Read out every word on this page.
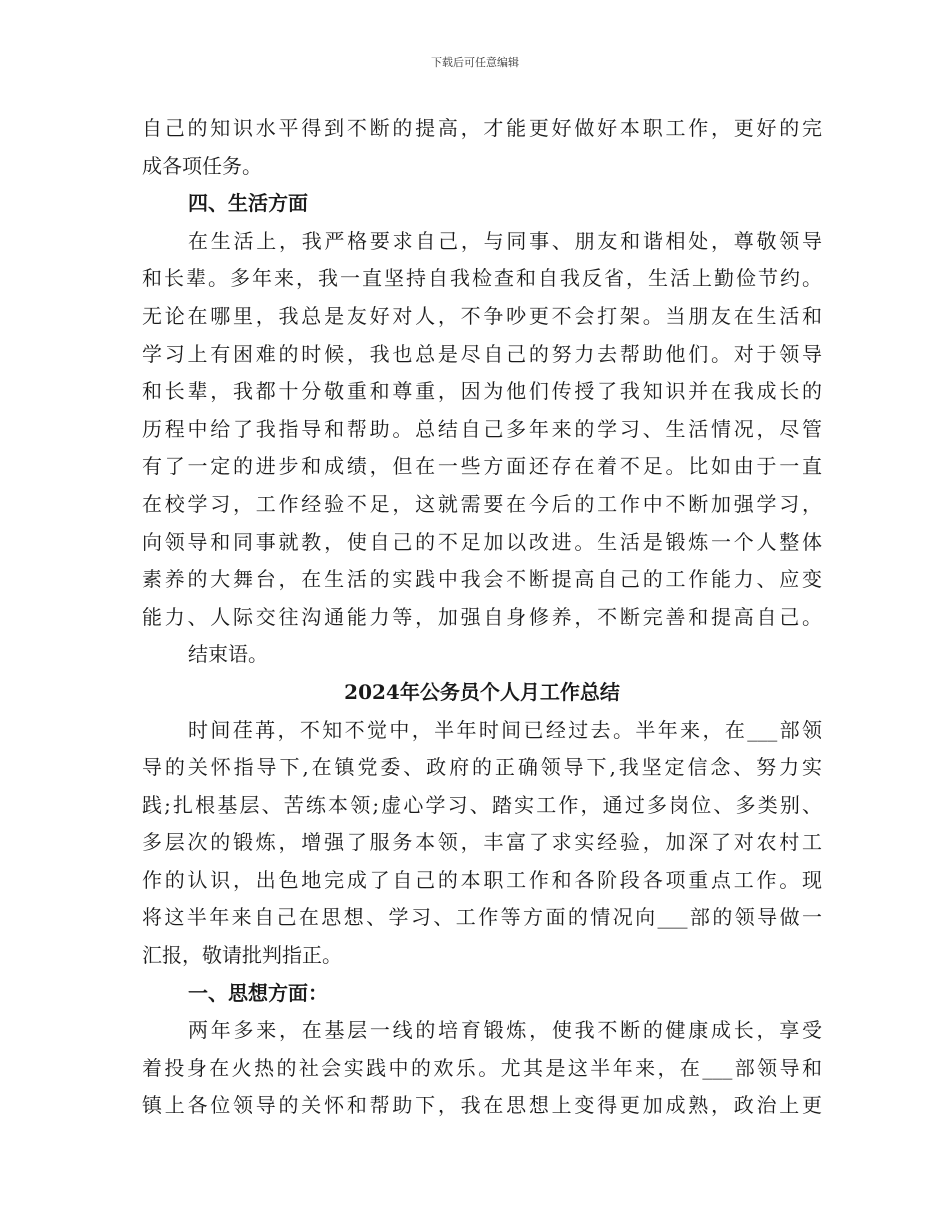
下载后可任意编辑
自己的知识水平得到不断的提高，才能更好做好本职工作，更好的完
成各项任务。
四、生活方面
在生活上，我严格要求自己，与同事、朋友和谐相处，尊敬领导
和长辈。多年来，我一直坚持自我检查和自我反省，生活上勤俭节约。
无论在哪里，我总是友好对人，不争吵更不会打架。当朋友在生活和
学习上有困难的时候，我也总是尽自己的努力去帮助他们。对于领导
和长辈，我都十分敬重和尊重，因为他们传授了我知识并在我成长的
历程中给了我指导和帮助。总结自己多年来的学习、生活情况，尽管
有了一定的进步和成绩，但在一些方面还存在着不足。比如由于一直
在校学习，工作经验不足，这就需要在今后的工作中不断加强学习，
向领导和同事就教，使自己的不足加以改进。生活是锻炼一个人整体
素养的大舞台，在生活的实践中我会不断提高自己的工作能力、应变
能力、人际交往沟通能力等，加强自身修养，不断完善和提高自己。
结束语。
2024年公务员个人月工作总结
时间荏苒，不知不觉中，半年时间已经过去。半年来，在___部领
导的关怀指导下,在镇党委、政府的正确领导下,我坚定信念、努力实
践;扎根基层、苦练本领;虚心学习、踏实工作，通过多岗位、多类别、
多层次的锻炼，增强了服务本领，丰富了求实经验，加深了对农村工
作的认识，出色地完成了自己的本职工作和各阶段各项重点工作。现
将这半年来自己在思想、学习、工作等方面的情况向___部的领导做一
汇报，敬请批判指正。
一、思想方面：
两年多来，在基层一线的培育锻炼，使我不断的健康成长，享受
着投身在火热的社会实践中的欢乐。尤其是这半年来，在___部领导和
镇上各位领导的关怀和帮助下，我在思想上变得更加成熟，政治上更
